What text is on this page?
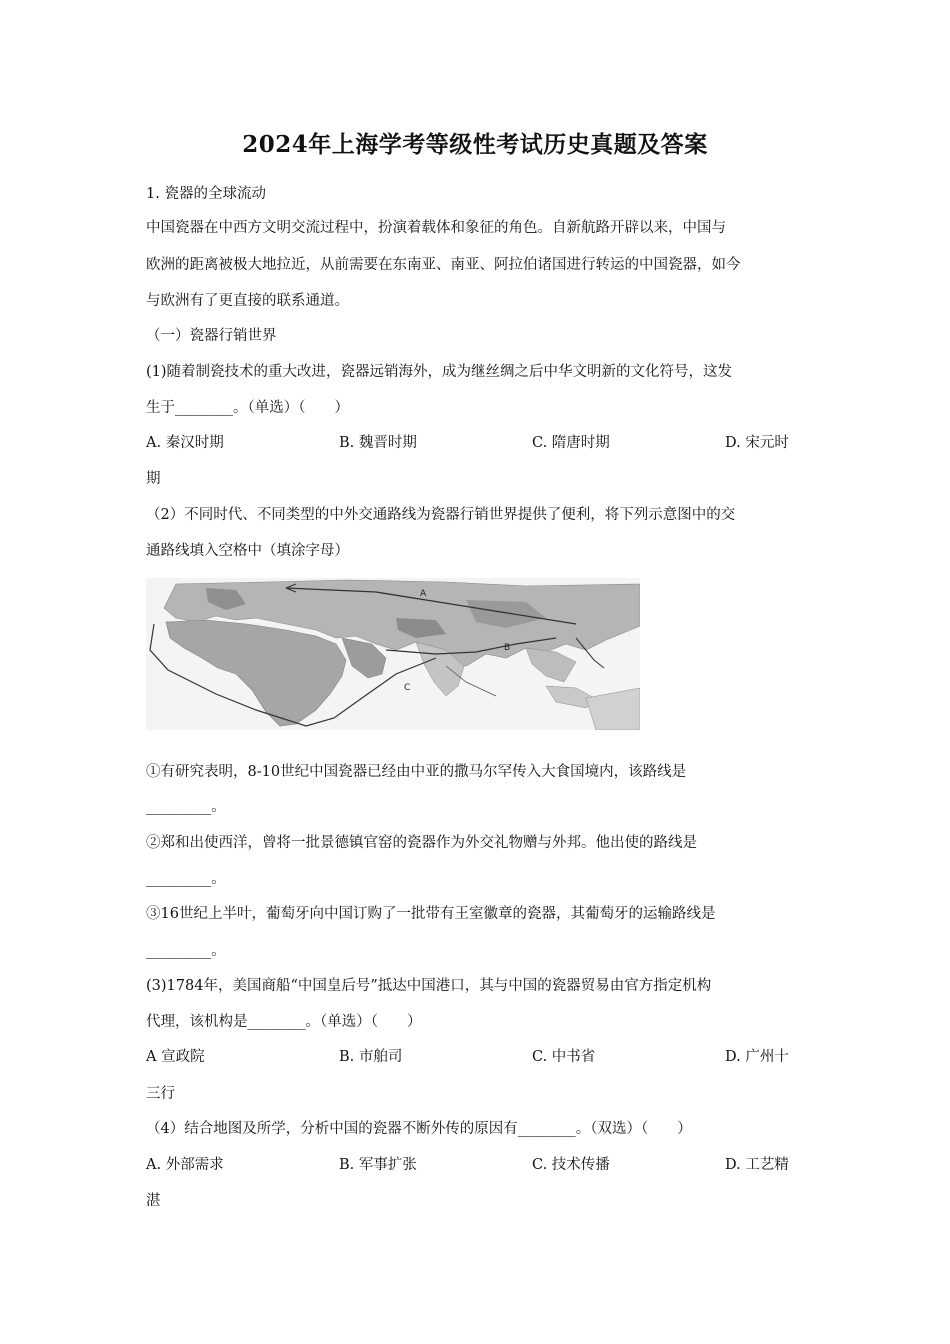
2024年上海学考等级性考试历史真题及答案
1. 瓷器的全球流动
中国瓷器在中西方文明交流过程中，扮演着载体和象征的角色。自新航路开辟以来，中国与
欧洲的距离被极大地拉近，从前需要在东南亚、南亚、阿拉伯诸国进行转运的中国瓷器，如今
与欧洲有了更直接的联系通道。
（一）瓷器行销世界
(1)随着制瓷技术的重大改进，瓷器远销海外，成为继丝绸之后中华文明新的文化符号，这发
生于________。（单选）（　　）
A. 秦汉时期	B. 魏晋时期	C. 隋唐时期	D. 宋元时
期
（2）不同时代、不同类型的中外交通路线为瓷器行销世界提供了便利，将下列示意图中的交
通路线填入空格中（填涂字母）
A
B
C
①有研究表明，8-10世纪中国瓷器已经由中亚的撒马尔罕传入大食国境内，该路线是
_________。
②郑和出使西洋，曾将一批景德镇官窑的瓷器作为外交礼物赠与外邦。他出使的路线是
_________。
③16世纪上半叶，葡萄牙向中国订购了一批带有王室徽章的瓷器，其葡萄牙的运输路线是
_________。
(3)1784年，美国商船“中国皇后号”抵达中国港口，其与中国的瓷器贸易由官方指定机构
代理，该机构是________。（单选）（　　）
A 宣政院	B. 市舶司	C. 中书省	D. 广州十
三行
（4）结合地图及所学，分析中国的瓷器不断外传的原因有________。（双选）（　　）
A. 外部需求	B. 军事扩张	C. 技术传播	D. 工艺精
湛
